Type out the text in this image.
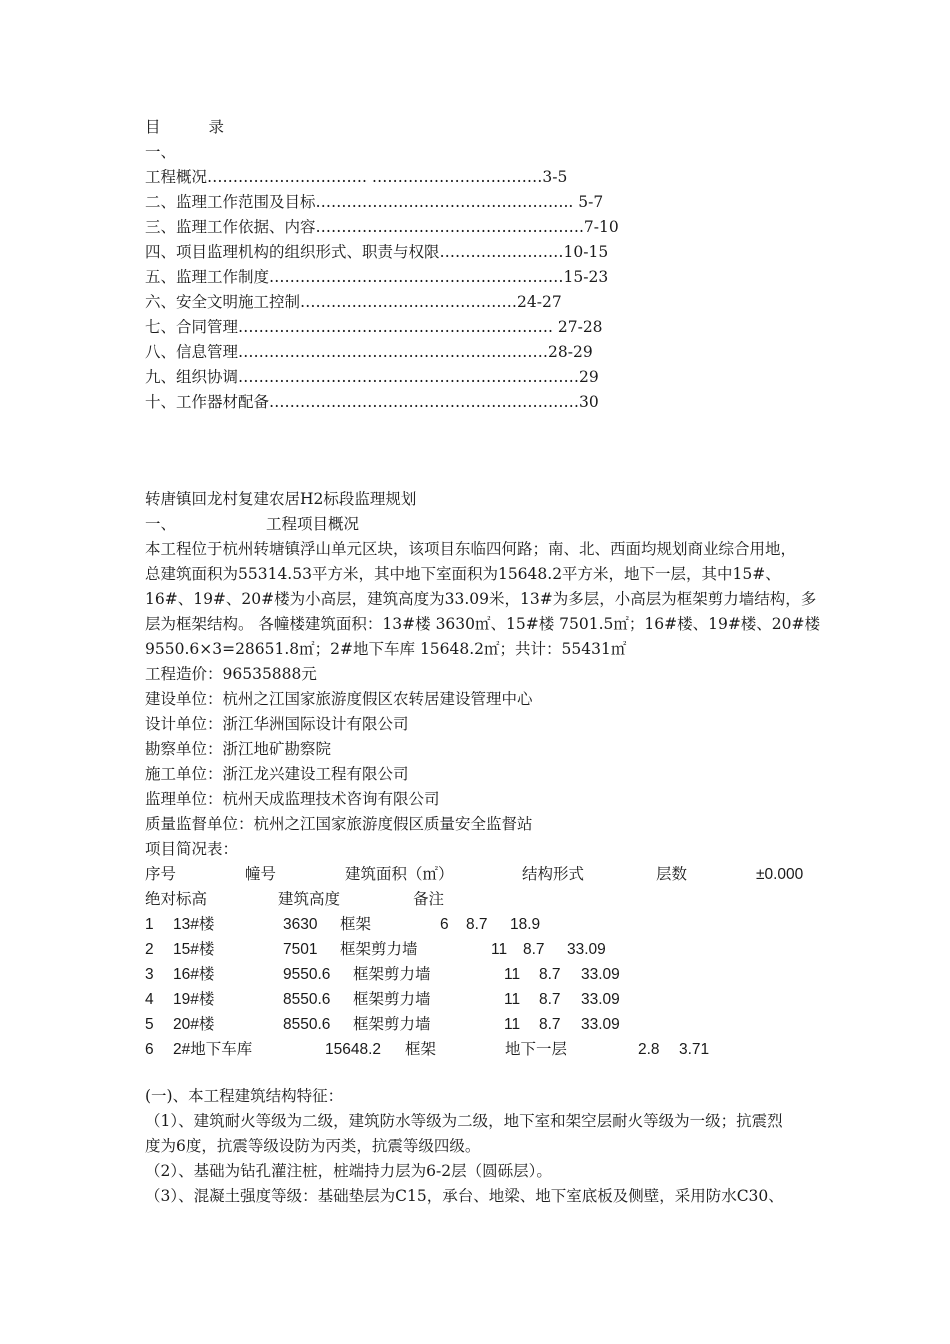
目	录
一、
工程概况…………………………. ……………………………3-5
二、监理工作范围及目标………………………………………….. 5-7
三、监理工作依据、内容…………………………………………….7-10
四、项目监理机构的组织形式、职责与权限……………………10-15
五、监理工作制度…………………………………………………15-23
六、安全文明施工控制……………………………………24-27
七、合同管理……………………………………………………. 27-28
八、信息管理……………………………………………………28-29
九、组织协调…………………………………………………………29
十、工作器材配备……………………………………………………30
转唐镇回龙村复建农居H2标段监理规划
一、	工程项目概况
本工程位于杭州转塘镇浮山单元区块，该项目东临四何路；南、北、西面均规划商业综合用地，
总建筑面积为55314.53平方米，其中地下室面积为15648.2平方米，地下一层，其中15#、
16#、19#、20#楼为小高层，建筑高度为33.09米，13#为多层，小高层为框架剪力墙结构，多
层为框架结构。 各幢楼建筑面积：13#楼 3630㎡、15#楼 7501.5㎡；16#楼、19#楼、20#楼
9550.6×3=28651.8㎡；2#地下车库 15648.2㎡；共计：55431㎡
工程造价：96535888元
建设单位：杭州之江国家旅游度假区农转居建设管理中心
设计单位：浙江华洲国际设计有限公司
勘察单位：浙江地矿勘察院
施工单位：浙江龙兴建设工程有限公司
监理单位：杭州天成监理技术咨询有限公司
质量监督单位：杭州之江国家旅游度假区质量安全监督站
项目简况表：
序号	幢号	建筑面积（㎡）	结构形式	层数	±0.000
绝对标高	建筑高度	备注
1 13#楼	3630 框架	6 8.7 18.9
2 15#楼	7501 框架剪力墙	11 8.7 33.09
3 16#楼	9550.6 框架剪力墙	11 8.7 33.09
4 19#楼	8550.6 框架剪力墙	11 8.7 33.09
5 20#楼	8550.6 框架剪力墙	11 8.7 33.09
6 2#地下车库	15648.2 框架	地下一层	2.8 3.71
(一)、本工程建筑结构特征：
（1）、建筑耐火等级为二级，建筑防水等级为二级，地下室和架空层耐火等级为一级；抗震烈
度为6度，抗震等级设防为丙类，抗震等级四级。
（2）、基础为钻孔灌注桩，桩端持力层为6-2层（圆砾层）。
（3）、混凝土强度等级：基础垫层为C15，承台、地梁、地下室底板及侧壁，采用防水C30、
